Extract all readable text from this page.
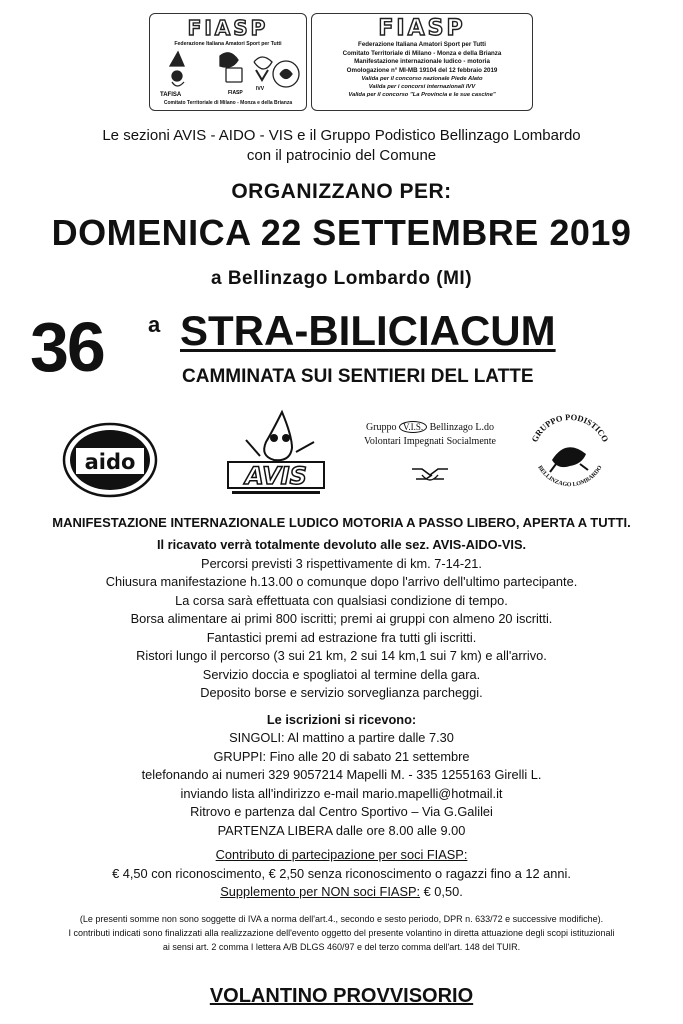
FIASP
Federazione Italiana Amatori Sport per Tutti
TAFISA	FIASP
IVV
Comitato Territoriale di Milano - Monza e della Brianza
FIASP
Federazione Italiana Amatori Sport per Tutti
Comitato Territoriale di Milano - Monza e della Brianza
Manifestazione internazionale ludico - motoria
Omologazione n° MI-MB 19104 del 12 febbraio 2019
Valida per il concorso nazionale Piede Alato
Valida per i concorsi internazionali IVV
Valida per il concorso "La Provincia e le sue cascine"
Le sezioni AVIS - AIDO - VIS e il Gruppo Podistico Bellinzago Lombardo
con il patrocinio del Comune
ORGANIZZANO PER:
DOMENICA 22 SETTEMBRE 2019
a Bellinzago Lombardo (MI)
36 a STRA-BILICIACUM
CAMMINATA SUI SENTIERI DEL LATTE
aido	AVIS
Gruppo V.I.S. Bellinzago L.do
Volontari Impegnati Socialmente	GRUPPO PODISTICO
BELLINZAGO LOMBARDO
MANIFESTAZIONE INTERNAZIONALE LUDICO MOTORIA A PASSO LIBERO, APERTA A TUTTI.
Il ricavato verrà totalmente devoluto alle sez. AVIS-AIDO-VIS.
Percorsi previsti 3 rispettivamente di km. 7-14-21.
Chiusura manifestazione h.13.00 o comunque dopo l'arrivo dell'ultimo partecipante.
La corsa sarà effettuata con qualsiasi condizione di tempo.
Borsa alimentare ai primi 800 iscritti; premi ai gruppi con almeno 20 iscritti.
Fantastici premi ad estrazione fra tutti gli iscritti.
Ristori lungo il percorso (3 sui 21 km, 2 sui 14 km,1 sui 7 km) e all'arrivo.
Servizio doccia e spogliatoi al termine della gara.
Deposito borse e servizio sorveglianza parcheggi.
Le iscrizioni si ricevono:
SINGOLI: Al mattino a partire dalle 7.30
GRUPPI: Fino alle 20 di sabato 21 settembre
telefonando ai numeri 329 9057214 Mapelli M. - 335 1255163 Girelli L.
inviando lista all'indirizzo e-mail mario.mapelli@hotmail.it
Ritrovo e partenza dal Centro Sportivo – Via G.Galilei
PARTENZA LIBERA dalle ore 8.00 alle 9.00
Contributo di partecipazione per soci FIASP:
€ 4,50 con riconoscimento, € 2,50 senza riconoscimento o ragazzi fino a 12 anni.
Supplemento per NON soci FIASP: € 0,50.
(Le presenti somme non sono soggette di IVA a norma dell'art.4., secondo e sesto periodo, DPR n. 633/72 e successive modifiche).
I contributi indicati sono finalizzati alla realizzazione dell'evento oggetto del presente volantino in diretta attuazione degli scopi istituzionali
ai sensi art. 2 comma I lettera A/B DLGS 460/97 e del terzo comma dell'art. 148 del TUIR.
VOLANTINO PROVVISORIO
